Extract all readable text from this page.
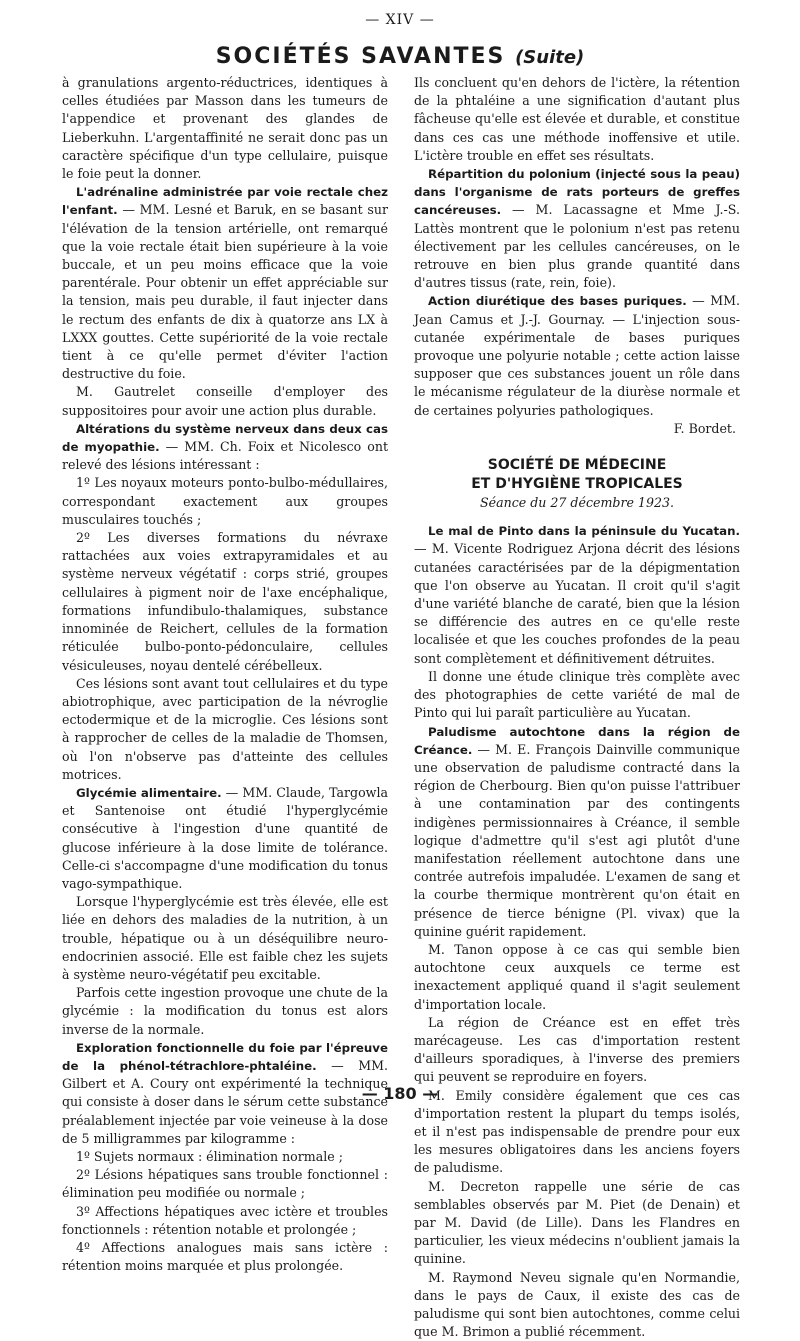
— XIV —
SOCIÉTÉS SAVANTES (Suite)

à granulations argento-réductrices, identiques à celles étudiées par Masson dans les tumeurs de l'appendice et provenant des glandes de Lieberkuhn. L'argentaffinité ne serait donc pas un caractère spécifique d'un type cellulaire, puisque le foie peut la donner.

L'adrénaline administrée par voie rectale chez l'enfant. — MM. Lesné et Baruk, en se basant sur l'élévation de la tension artérielle, ont remarqué que la voie rectale était bien supérieure à la voie buccale, et un peu moins efficace que la voie parentérale. Pour obtenir un effet appréciable sur la tension, mais peu durable, il faut injecter dans le rectum des enfants de dix à quatorze ans LX à LXXX gouttes. Cette supériorité de la voie rectale tient à ce qu'elle permet d'éviter l'action destructive du foie.

M. Gautrelet conseille d'employer des suppositoires pour avoir une action plus durable.

Altérations du système nerveux dans deux cas de myopathie. — MM. Ch. Foix et Nicolesco ont relevé des lésions intéressant :

1º Les noyaux moteurs ponto-bulbo-médullaires, correspondant exactement aux groupes musculaires touchés ;

2º Les diverses formations du névraxe rattachées aux voies extrapyramidales et au système nerveux végétatif : corps strié, groupes cellulaires à pigment noir de l'axe encéphalique, formations infundibulo-thalamiques, substance innominée de Reichert, cellules de la formation réticulée bulbo-ponto-pédonculaire, cellules vésiculeuses, noyau dentelé cérébelleux.

Ces lésions sont avant tout cellulaires et du type abiotrophique, avec participation de la névroglie ectodermique et de la microglie. Ces lésions sont à rapprocher de celles de la maladie de Thomsen, où l'on n'observe pas d'atteinte des cellules motrices.

Glycémie alimentaire. — MM. Claude, Targowla et Santenoise ont étudié l'hyperglycémie consécutive à l'ingestion d'une quantité de glucose inférieure à la dose limite de tolérance. Celle-ci s'accompagne d'une modification du tonus vago-sympathique.

Lorsque l'hyperglycémie est très élevée, elle est liée en dehors des maladies de la nutrition, à un trouble, hépatique ou à un déséquilibre neuro-endocrinien associé. Elle est faible chez les sujets à système neuro-végétatif peu excitable.

Parfois cette ingestion provoque une chute de la glycémie : la modification du tonus est alors inverse de la normale.

Exploration fonctionnelle du foie par l'épreuve de la phénol-tétrachlore-phtaléine. — MM. Gilbert et A. Coury ont expérimenté la technique qui consiste à doser dans le sérum cette substance préalablement injectée par voie veineuse à la dose de 5 milligrammes par kilogramme :

1º Sujets normaux : élimination normale ;

2º Lésions hépatiques sans trouble fonctionnel : élimination peu modifiée ou normale ;

3º Affections hépatiques avec ictère et troubles fonctionnels : rétention notable et prolongée ;

4º Affections analogues mais sans ictère : rétention moins marquée et plus prolongée.

Ils concluent qu'en dehors de l'ictère, la rétention de la phtaléine a une signification d'autant plus fâcheuse qu'elle est élevée et durable, et constitue dans ces cas une méthode inoffensive et utile. L'ictère trouble en effet ses résultats.

Répartition du polonium (injecté sous la peau) dans l'organisme de rats porteurs de greffes cancéreuses. — M. Lacassagne et Mme J.-S. Lattès montrent que le polonium n'est pas retenu électivement par les cellules cancéreuses, on le retrouve en bien plus grande quantité dans d'autres tissus (rate, rein, foie).

Action diurétique des bases puriques. — MM. Jean Camus et J.-J. Gournay. — L'injection sous-cutanée expérimentale de bases puriques provoque une polyurie notable ; cette action laisse supposer que ces substances jouent un rôle dans le mécanisme régulateur de la diurèse normale et de certaines polyuries pathologiques.

F. Bordet.

SOCIÉTÉ DE MÉDECINE
ET D'HYGIÈNE TROPICALES

Séance du 27 décembre 1923.

Le mal de Pinto dans la péninsule du Yucatan. — M. Vicente Rodriguez Arjona décrit des lésions cutanées caractérisées par de la dépigmentation que l'on observe au Yucatan. Il croit qu'il s'agit d'une variété blanche de caraté, bien que la lésion se différencie des autres en ce qu'elle reste localisée et que les couches profondes de la peau sont complètement et définitivement détruites.

Il donne une étude clinique très complète avec des photographies de cette variété de mal de Pinto qui lui paraît particulière au Yucatan.

Paludisme autochtone dans la région de Créance. — M. E. François Dainville communique une observation de paludisme contracté dans la région de Cherbourg. Bien qu'on puisse l'attribuer à une contamination par des contingents indigènes permissionnaires à Créance, il semble logique d'admettre qu'il s'est agi plutôt d'une manifestation réellement autochtone dans une contrée autrefois impaludée. L'examen de sang et la courbe thermique montrèrent qu'on était en présence de tierce bénigne (Pl. vivax) que la quinine guérit rapidement.

M. Tanon oppose à ce cas qui semble bien autochtone ceux auxquels ce terme est inexactement appliqué quand il s'agit seulement d'importation locale.

La région de Créance est en effet très marécageuse. Les cas d'importation restent d'ailleurs sporadiques, à l'inverse des premiers qui peuvent se reproduire en foyers.

M. Emily considère également que ces cas d'importation restent la plupart du temps isolés, et il n'est pas indispensable de prendre pour eux les mesures obligatoires dans les anciens foyers de paludisme.

M. Decreton rappelle une série de cas semblables observés par M. Piet (de Denain) et par M. David (de Lille). Dans les Flandres en particulier, les vieux médecins n'oublient jamais la quinine.

M. Raymond Neveu signale qu'en Normandie, dans le pays de Caux, il existe des cas de paludisme qui sont bien autochtones, comme celui que M. Brimon a publié récemment.

— 180 —
